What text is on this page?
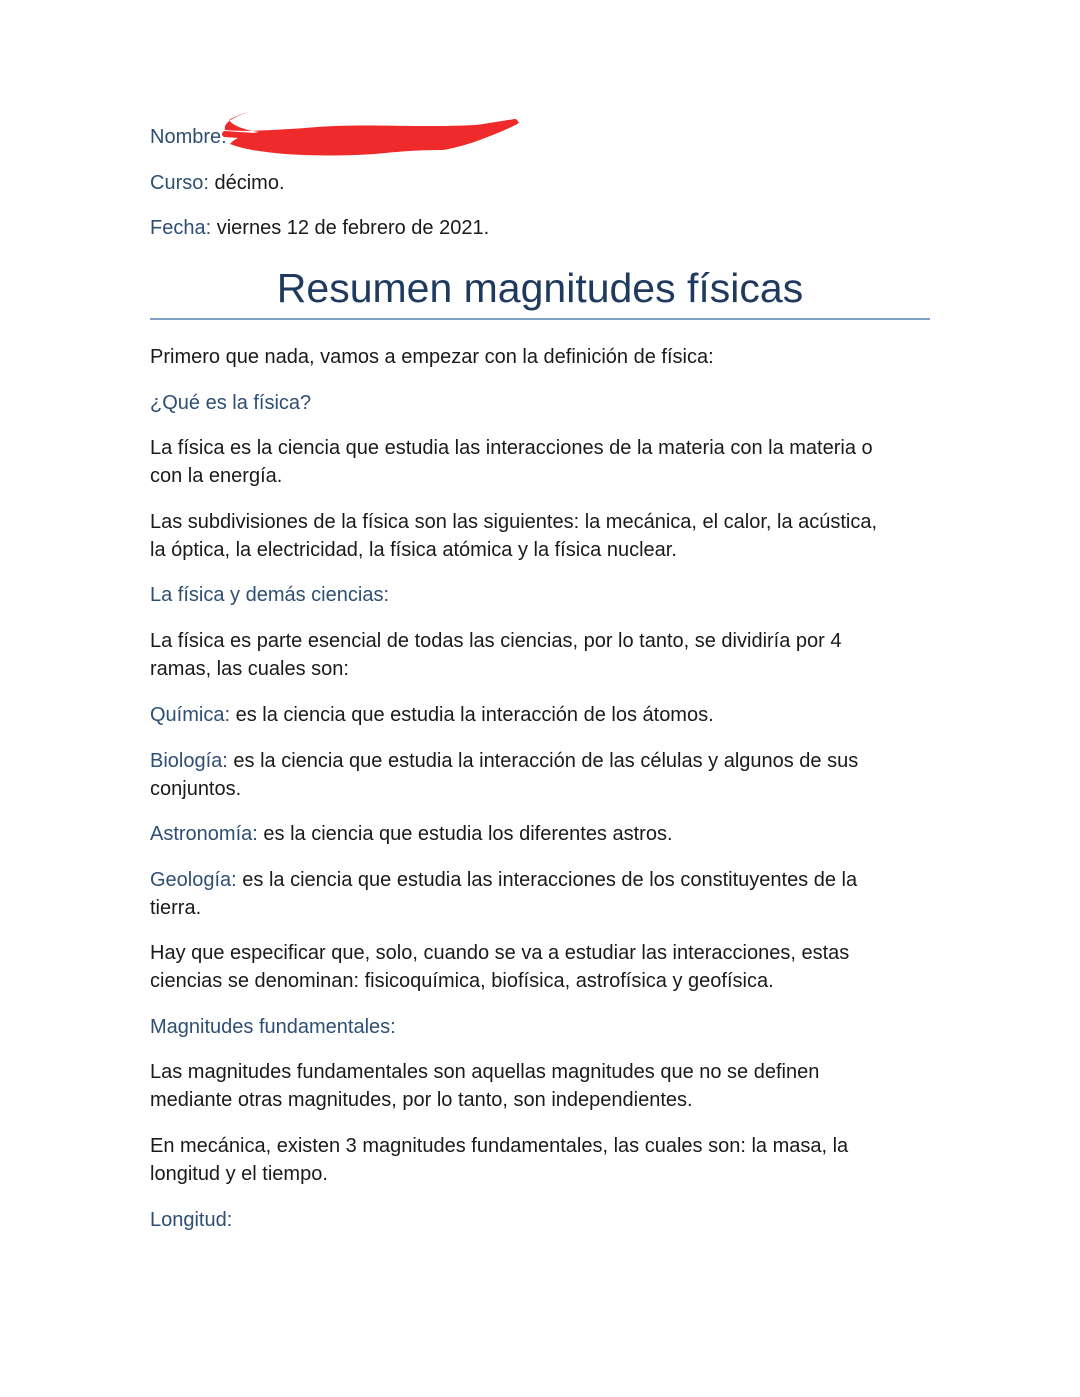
Nombre:
Curso: décimo.
Fecha: viernes 12 de febrero de 2021.
Resumen magnitudes físicas
Primero que nada, vamos a empezar con la definición de física:
¿Qué es la física?
La física es la ciencia que estudia las interacciones de la materia con la materia o
con la energía.
Las subdivisiones de la física son las siguientes: la mecánica, el calor, la acústica,
la óptica, la electricidad, la física atómica y la física nuclear.
La física y demás ciencias:
La física es parte esencial de todas las ciencias, por lo tanto, se dividiría por 4
ramas, las cuales son:
Química: es la ciencia que estudia la interacción de los átomos.
Biología: es la ciencia que estudia la interacción de las células y algunos de sus
conjuntos.
Astronomía: es la ciencia que estudia los diferentes astros.
Geología: es la ciencia que estudia las interacciones de los constituyentes de la
tierra.
Hay que especificar que, solo, cuando se va a estudiar las interacciones, estas
ciencias se denominan: fisicoquímica, biofísica, astrofísica y geofísica.
Magnitudes fundamentales:
Las magnitudes fundamentales son aquellas magnitudes que no se definen
mediante otras magnitudes, por lo tanto, son independientes.
En mecánica, existen 3 magnitudes fundamentales, las cuales son: la masa, la
longitud y el tiempo.
Longitud:
